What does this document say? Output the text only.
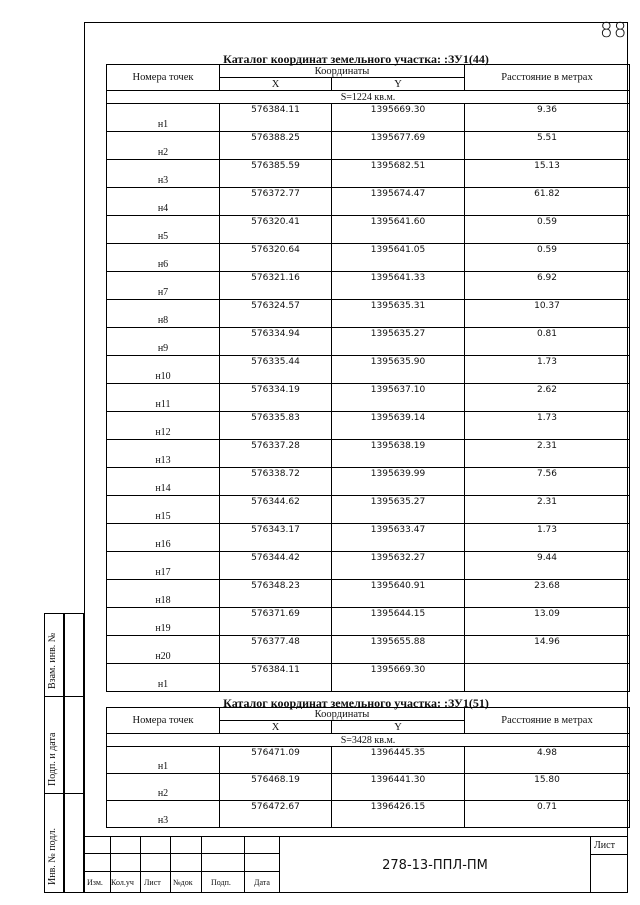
88
Каталог координат земельного участка: :ЗУ1(44)
Номера точек	Координаты		Расстояние в метрах
	X	Y	
S=1224 кв.м.			

н1	576384.11	1395669.30	9.36

н2	576388.25	1395677.69	5.51

н3	576385.59	1395682.51	15.13

н4	576372.77	1395674.47	61.82

н5	576320.41	1395641.60	0.59

н6	576320.64	1395641.05	0.59

н7	576321.16	1395641.33	6.92

н8	576324.57	1395635.31	10.37

н9	576334.94	1395635.27	0.81

н10	576335.44	1395635.90	1.73

н11	576334.19	1395637.10	2.62

н12	576335.83	1395639.14	1.73

н13	576337.28	1395638.19	2.31

н14	576338.72	1395639.99	7.56

н15	576344.62	1395635.27	2.31

н16	576343.17	1395633.47	1.73

н17	576344.42	1395632.27	9.44

н18	576348.23	1395640.91	23.68

н19	576371.69	1395644.15	13.09

н20	576377.48	1395655.88	14.96

н1	576384.11	1395669.30	

Каталог координат земельного участка: :ЗУ1(51)
Номера точек	Координаты		Расстояние в метрах
	X	Y	
S=3428 кв.м.			

н1	576471.09	1396445.35	4.98

н2	576468.19	1396441.30	15.80

н3	576472.67	1396426.15	0.71
Взам. инв. №
Подп. и дата
Инв. № подл.	Изм. Кол.уч Лист №док Подп.	Дата
Лист
278-13-ППЛ-ПМ
